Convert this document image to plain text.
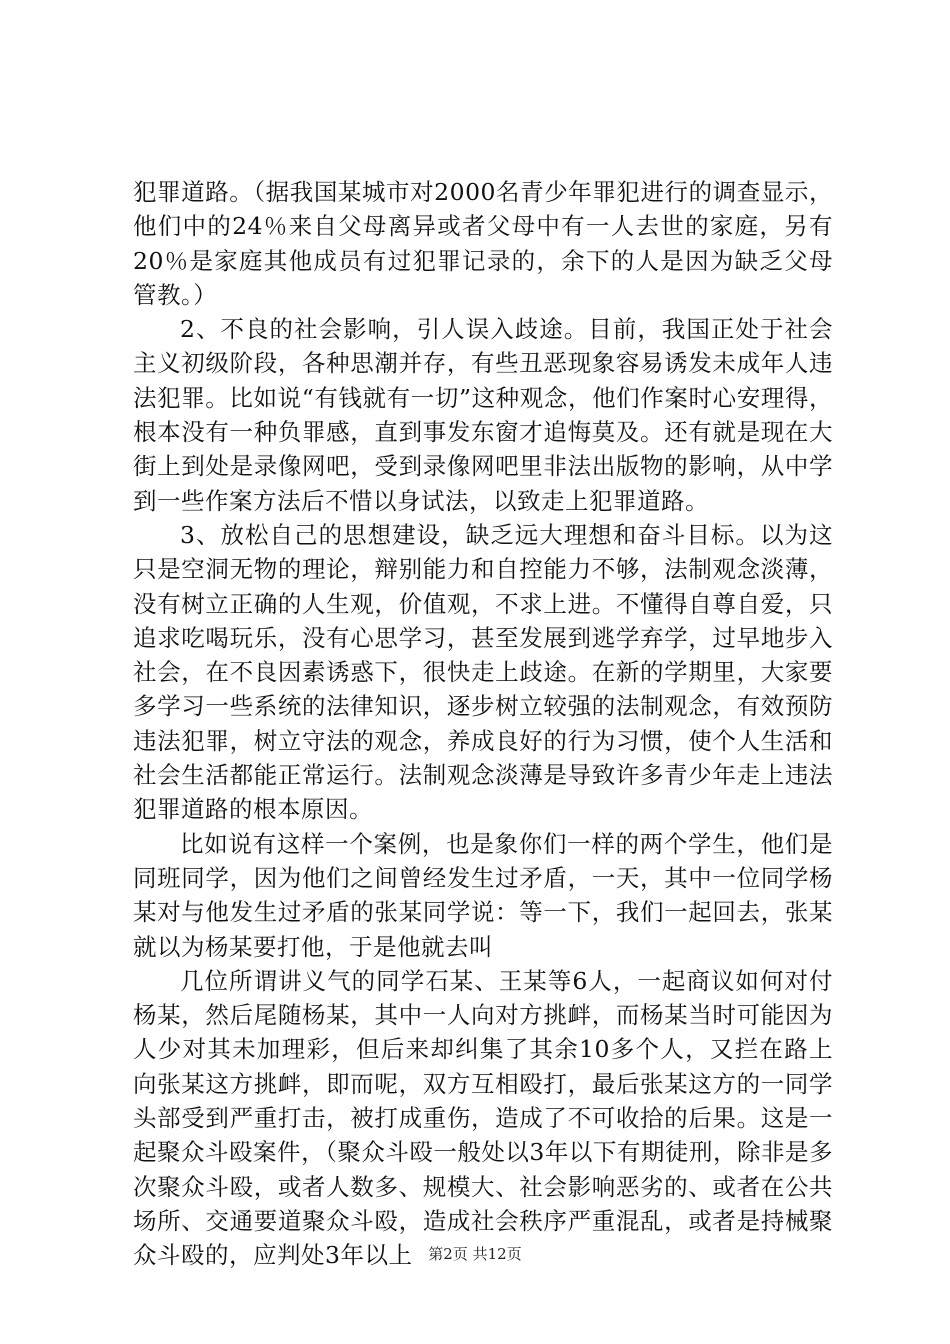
犯罪道路。（据我国某城市对2000名青少年罪犯进行的调查显示，他们中的24％来自父母离异或者父母中有一人去世的家庭，另有20％是家庭其他成员有过犯罪记录的，余下的人是因为缺乏父母管教。）

2、不良的社会影响，引人误入歧途。目前，我国正处于社会主义初级阶段，各种思潮并存，有些丑恶现象容易诱发未成年人违法犯罪。比如说“有钱就有一切”这种观念，他们作案时心安理得，根本没有一种负罪感，直到事发东窗才追悔莫及。还有就是现在大街上到处是录像网吧，受到录像网吧里非法出版物的影响，从中学到一些作案方法后不惜以身试法，以致走上犯罪道路。

3、放松自己的思想建设，缺乏远大理想和奋斗目标。以为这只是空洞无物的理论，辩别能力和自控能力不够，法制观念淡薄，没有树立正确的人生观，价值观，不求上进。不懂得自尊自爱，只追求吃喝玩乐，没有心思学习，甚至发展到逃学弃学，过早地步入社会，在不良因素诱惑下，很快走上歧途。在新的学期里，大家要多学习一些系统的法律知识，逐步树立较强的法制观念，有效预防违法犯罪，树立守法的观念，养成良好的行为习惯，使个人生活和社会生活都能正常运行。法制观念淡薄是导致许多青少年走上违法犯罪道路的根本原因。

比如说有这样一个案例，也是象你们一样的两个学生，他们是同班同学，因为他们之间曾经发生过矛盾，一天，其中一位同学杨某对与他发生过矛盾的张某同学说：等一下，我们一起回去，张某就以为杨某要打他，于是他就去叫

几位所谓讲义气的同学石某、王某等6人，一起商议如何对付杨某，然后尾随杨某，其中一人向对方挑衅，而杨某当时可能因为人少对其未加理彩，但后来却纠集了其余10多个人，又拦在路上向张某这方挑衅，即而呢，双方互相殴打，最后张某这方的一同学头部受到严重打击，被打成重伤，造成了不可收拾的后果。这是一起聚众斗殴案件，（聚众斗殴一般处以3年以下有期徒刑，除非是多次聚众斗殴，或者人数多、规模大、社会影响恶劣的、或者在公共场所、交通要道聚众斗殴，造成社会秩序严重混乱，或者是持械聚众斗殴的，应判处3年以上	第2页 共12页
